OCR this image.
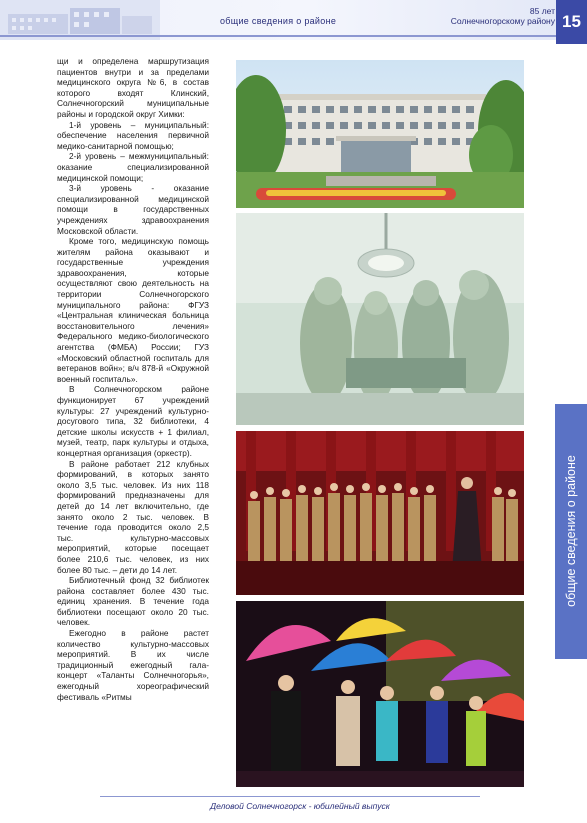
общие сведения о районе
85 лет
Солнечногорскому району 15

щи и определена маршрутизация пациентов внутри и за пределами медицинского округа №6, в состав которого входят Клинский, Солнечногорский муниципальные районы и городской округ Химки:

1-й уровень – муниципальный: обеспечение населения первичной медико-санитарной помощью;

2-й уровень – межмуниципальный: оказание специализированной медицинской помощи;

3-й уровень - оказание специализированной медицинской помощи в государственных учреждениях здравоохранения Московской области.

Кроме того, медицинскую помощь жителям района оказывают и государственные учреждения здравоохранения, которые осуществляют свою деятельность на территории Солнечногорского муниципального района: ФГУЗ «Центральная клиническая больница восстановительного лечения» Федерального медико-биологического агентства (ФМБА) России; ГУЗ «Московский областной госпиталь для ветеранов войн»; в/ч 878-й «Окружной военный госпиталь».

В Солнечногорском районе функционирует 67 учреждений культуры: 27 учреждений культурно-досугового типа, 32 библиотеки, 4 детские школы искусств + 1 филиал, музей, театр, парк культуры и отдыха, концертная организация (оркестр).

В районе работает 212 клубных формирований, в которых занято около 3,5 тыс. человек. Из них 118 формирований предназначены для детей до 14 лет включительно, где занято около 2 тыс. человек. В течение года проводится около 2,5 тыс. культурно-массовых мероприятий, которые посещает более 210,6 тыс. человек, из них более 80 тыс. – дети до 14 лет.

Библиотечный фонд 32 библиотек района составляет более 430 тыс. единиц хранения. В течение года библиотеки посещают около 20 тыс. человек.

Ежегодно в районе растет количество культурно-массовых мероприятий. В их числе традиционный ежегодный гала-концерт «Таланты Солнечногорья», ежегодный хореографический фестиваль «Ритмы

общие сведения о районе
Деловой Солнечногорск - юбилейный выпуск
